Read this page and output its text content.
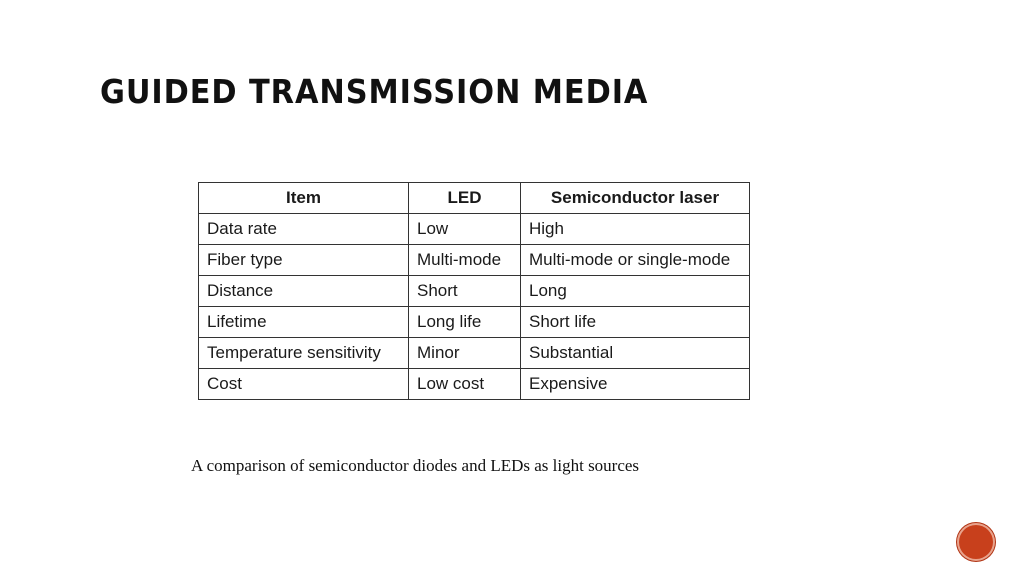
GUIDED TRANSMISSION MEDIA
Item	LED	Semiconductor laser
Data rate	Low	High
Fiber type	Multi-mode	Multi-mode or single-mode
Distance	Short	Long
Lifetime	Long life	Short life
Temperature sensitivity	Minor	Substantial
Cost	Low cost	Expensive

A comparison of semiconductor diodes and LEDs as light sources
